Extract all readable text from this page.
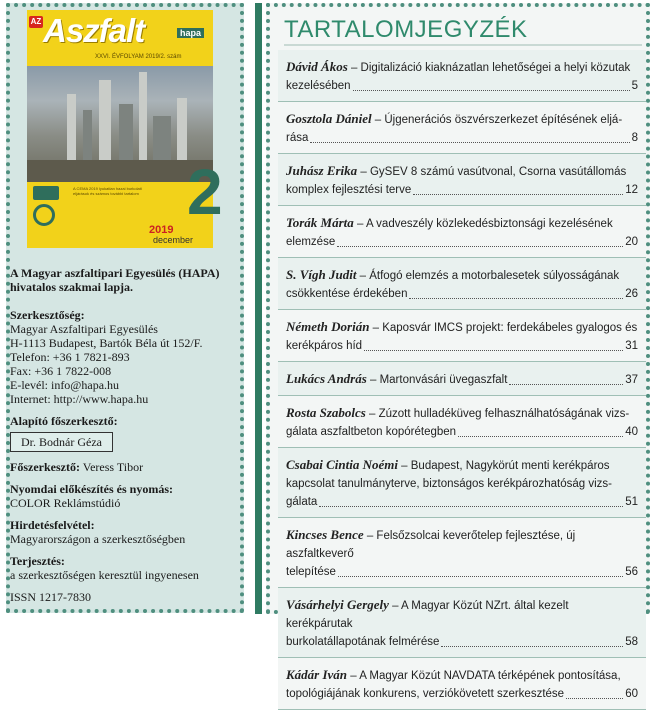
AZ Aszfalt	hapa
XXVI. ÉVFOLYAM 2019/2. szám
A CEMA 2019 lyukatlan hazai burkolati eljárások és számos további tartalom 2
2019
december
A Magyar aszfaltipari Egyesülés (HAPA) hivatalos szakmai lapja.
Szerkesztőség:
Magyar Aszfaltipari Egyesülés
H-1113 Budapest, Bartók Béla út 152/F.
Telefon: +36 1 7821-893
Fax: +36 1 7822-008
E-levél: info@hapa.hu
Internet: http://www.hapa.hu
Alapító főszerkesztő:
Dr. Bodnár Géza
Főszerkesztő: Veress Tibor
Nyomdai előkészítés és nyomás:
COLOR Reklámstúdió
Hirdetésfelvétel:
Magyarországon a szerkesztőségben
Terjesztés:
a szerkesztőségen keresztül ingyenesen
ISSN 1217-7830
TARTALOMJEGYZÉK
Dávid Ákos – Digitalizáció kiaknázatlan lehetőségei a helyi közutak
kezelésében	5
Gosztola Dániel – Újgenerációs öszvérszerkezet építésének eljá-
rása	8
Juhász Erika – GySEV 8 számú vasútvonal, Csorna vasútállomás
komplex fejlesztési terve	12
Torák Márta – A vadveszély közlekedésbiztonsági kezelésének
elemzése	20
S. Vígh Judit – Átfogó elemzés a motorbalesetek súlyosságának
csökkentése érdekében	26
Németh Dorián – Kaposvár IMCS projekt: ferdekábeles gyalogos és
kerékpáros híd	31
Lukács András – Martonvásári üvegaszfalt	37
Rosta Szabolcs – Zúzott hulladéküveg felhasználhatóságának vizs-
gálata aszfaltbeton kopórétegben	40
Csabai Cintia Noémi – Budapest, Nagykörút menti kerékpáros
kapcsolat tanulmányterve, biztonságos kerékpározhatóság vizs-
gálata	51
Kincses Bence – Felsőzsolcai keverőtelep fejlesztése, új aszfaltkeverő
telepítése	56
Vásárhelyi Gergely – A Magyar Közút NZrt. által kezelt kerékpárutak
burkolatállapotának felmérése	58
Kádár Iván – A Magyar Közút NAVDATA térképének pontosítása,
topológiájának konkurens, verziókövetett szerkesztése	60
